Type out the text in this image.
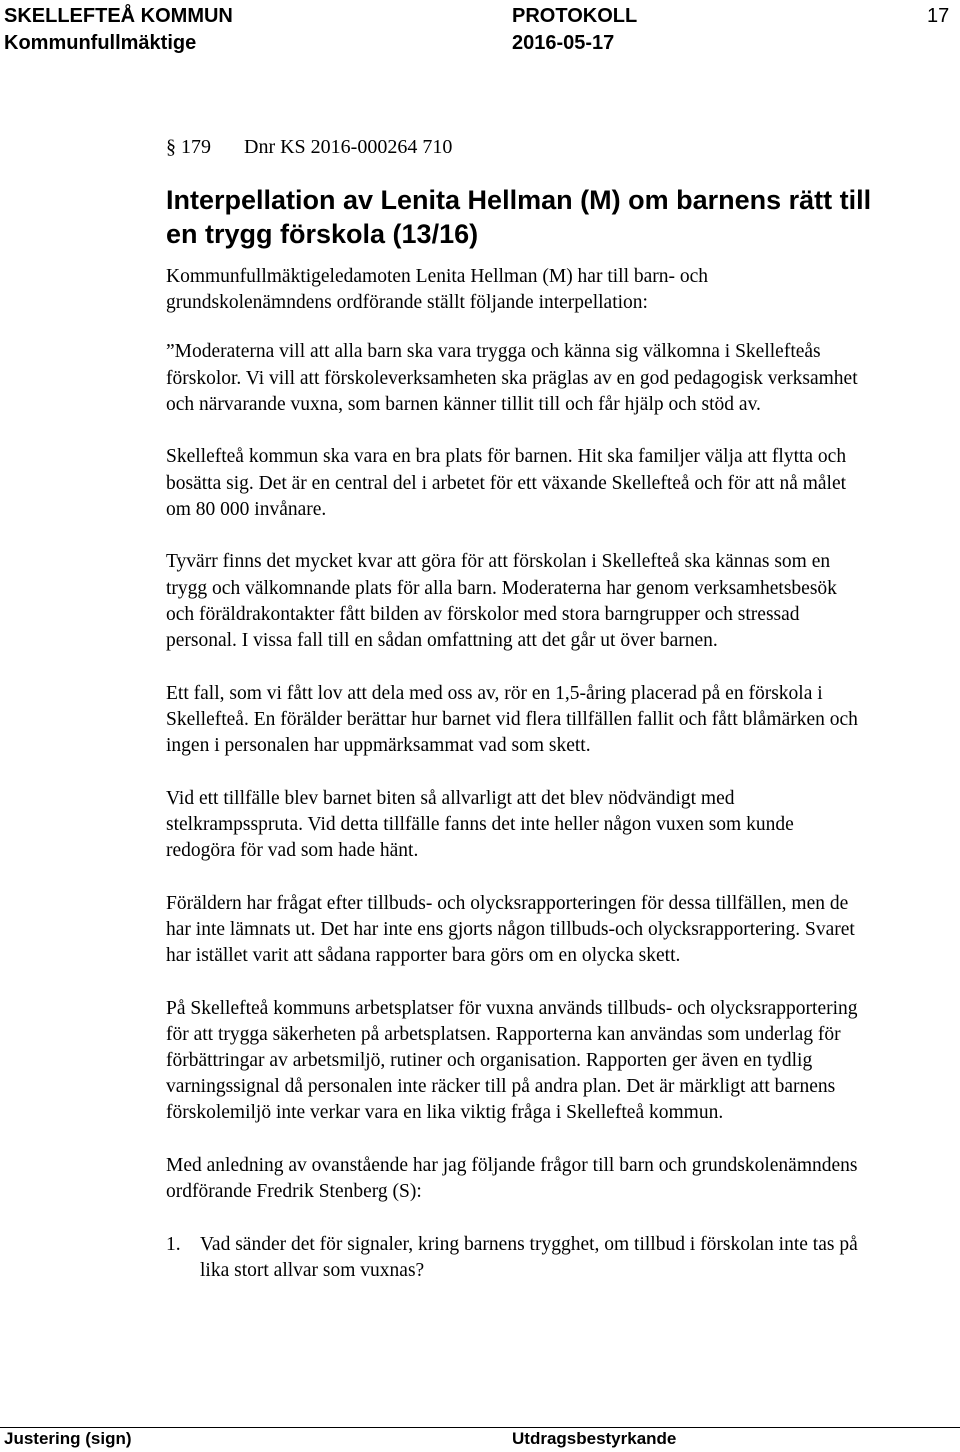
SKELLEFTEÅ KOMMUN
Kommunfullmäktige
PROTOKOLL
2016-05-17
17
§ 179 Dnr KS 2016-000264 710
Interpellation av Lenita Hellman (M) om barnens rätt till en trygg förskola (13/16)

Kommunfullmäktigeledamoten Lenita Hellman (M) har till barn- och grundskolenämndens ordförande ställt följande interpellation:

”Moderaterna vill att alla barn ska vara trygga och känna sig välkomna i Skellefteås förskolor. Vi vill att förskoleverksamheten ska präglas av en god pedagogisk verksamhet och närvarande vuxna, som barnen känner tillit till och får hjälp och stöd av.

Skellefteå kommun ska vara en bra plats för barnen. Hit ska familjer välja att flytta och bosätta sig. Det är en central del i arbetet för ett växande Skellefteå och för att nå målet om 80 000 invånare.

Tyvärr finns det mycket kvar att göra för att förskolan i Skellefteå ska kännas som en trygg och välkomnande plats för alla barn. Moderaterna har genom verksamhetsbesök och föräldrakontakter fått bilden av förskolor med stora barngrupper och stressad personal. I vissa fall till en sådan omfattning att det går ut över barnen.

Ett fall, som vi fått lov att dela med oss av, rör en 1,5-åring placerad på en förskola i Skellefteå. En förälder berättar hur barnet vid flera tillfällen fallit och fått blåmärken och ingen i personalen har uppmärksammat vad som skett.

Vid ett tillfälle blev barnet biten så allvarligt att det blev nödvändigt med stelkrampsspruta. Vid detta tillfälle fanns det inte heller någon vuxen som kunde redogöra för vad som hade hänt.

Föräldern har frågat efter tillbuds- och olycksrapporteringen för dessa tillfällen, men de har inte lämnats ut. Det har inte ens gjorts någon tillbuds-och olycksrapportering. Svaret har istället varit att sådana rapporter bara görs om en olycka skett.

På Skellefteå kommuns arbetsplatser för vuxna används tillbuds- och olycksrapportering för att trygga säkerheten på arbetsplatsen. Rapporterna kan användas som underlag för förbättringar av arbetsmiljö, rutiner och organisation. Rapporten ger även en tydlig varningssignal då personalen inte räcker till på andra plan. Det är märkligt att barnens förskolemiljö inte verkar vara en lika viktig fråga i Skellefteå kommun.

Med anledning av ovanstående har jag följande frågor till barn och grundskolenämndens ordförande Fredrik Stenberg (S):

1. Vad sänder det för signaler, kring barnens trygghet, om tillbud i förskolan inte tas på lika stort allvar som vuxnas?
Justering (sign)	Utdragsbestyrkande
